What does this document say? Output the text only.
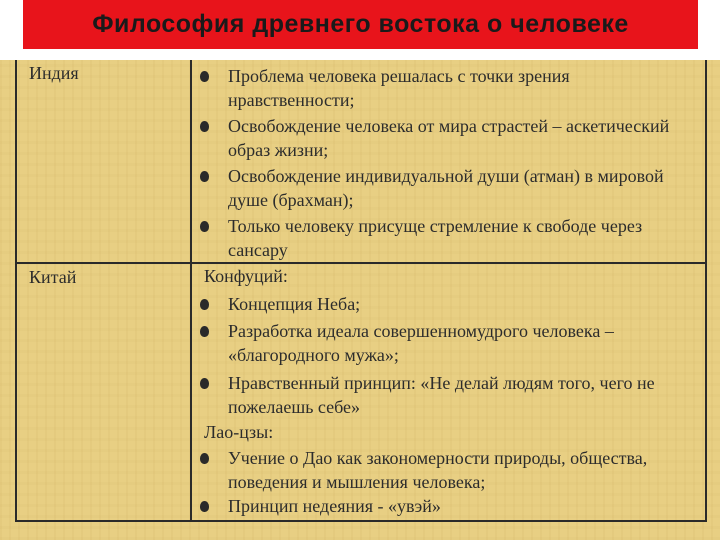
Философия древнего востока о человеке
Индия	Проблема человека решалась с точки зрения нравственности;
Освобождение человека от мира страстей – аскетический образ жизни;
Освобождение индивидуальной души (атман) в мировой душе (брахман);
Только человеку присуще стремление к свободе через сансару
Китай	Конфуций:
Концепция Неба;
Разработка идеала совершенномудрого человека – «благородного мужа»;
Нравственный принцип: «Не делай людям того, чего не пожелаешь себе»
Лао-цзы:
Учение о Дао как закономерности природы, общества, поведения и мышления человека;
Принцип недеяния - «увэй»
